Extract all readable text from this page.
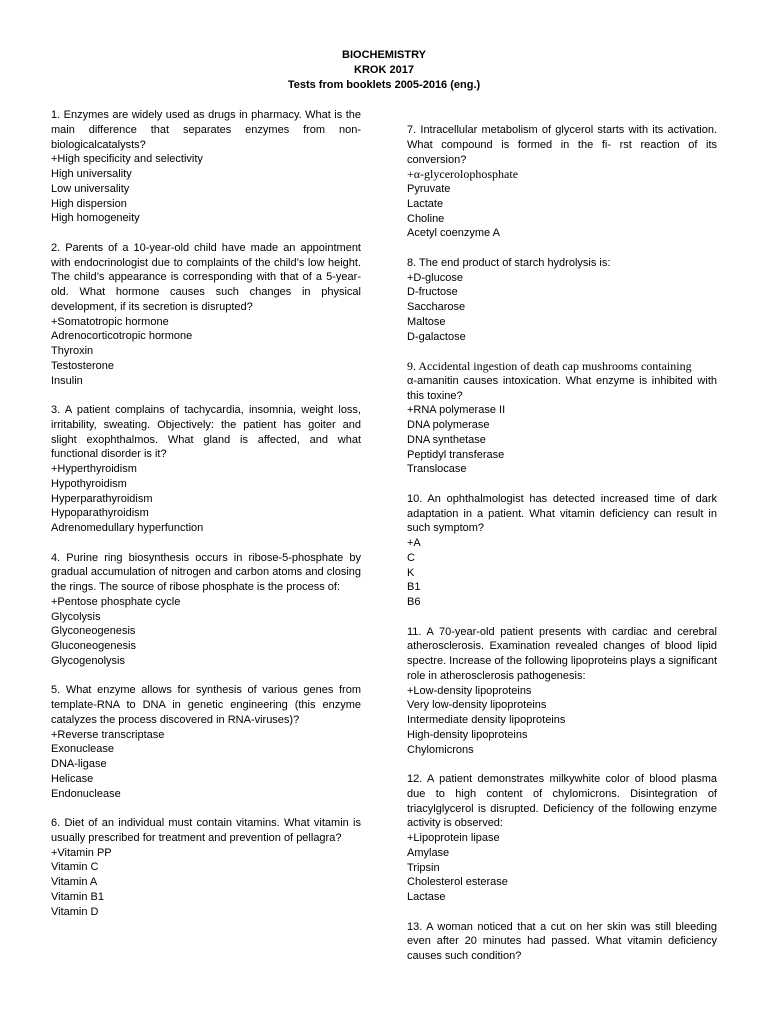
BIOCHEMISTRY
KROK 2017
Tests from booklets 2005-2016 (eng.)
1. Enzymes are widely used as drugs in pharmacy. What is the main difference that separates enzymes from non-biologicalcatalysts?
+High specificity and selectivity
High universality
Low universality
High dispersion
High homogeneity
2. Parents of a 10-year-old child have made an appointment with endocrinologist due to complaints of the child’s low height. The child’s appearance is corresponding with that of a 5-year-old. What hormone causes such changes in physical development, if its secretion is disrupted?
+Somatotropic hormone
Adrenocorticotropic hormone
Thyroxin
Testosterone
Insulin
3. A patient complains of tachycardia, insomnia, weight loss, irritability, sweating. Objectively: the patient has goiter and slight exophthalmos. What gland is affected, and what functional disorder is it?
+Hyperthyroidism
Hypothyroidism
Hyperparathyroidism
Hypoparathyroidism
Adrenomedullary hyperfunction
4. Purine ring biosynthesis occurs in ribose-5-phosphate by gradual accumulation of nitrogen and carbon atoms and closing the rings. The source of ribose phosphate is the process of:
+Pentose phosphate cycle
Glycolysis
Glyconeogenesis
Gluconeogenesis
Glycogenolysis
5. What enzyme allows for synthesis of various genes from template-RNA to DNA in genetic engineering (this enzyme catalyzes the process discovered in RNA-viruses)?
+Reverse transcriptase
Exonuclease
DNA-ligase
Helicase
Endonuclease
6. Diet of an individual must contain vitamins. What vitamin is usually prescribed for treatment and prevention of pellagra?
+Vitamin PP
Vitamin C
Vitamin A
Vitamin B1
Vitamin D
7. Intracellular metabolism of glycerol starts with its activation. What compound is formed in the fi- rst reaction of its conversion?
+α-glycerolophosphate
Pyruvate
Lactate
Choline
Acetyl coenzyme A
8. The end product of starch hydrolysis is:
+D-glucose
D-fructose
Saccharose
Maltose
D-galactose
9. Accidental ingestion of death cap mushrooms containing
α-amanitin causes intoxication. What enzyme is inhibited with this toxine?
+RNA polymerase II
DNA polymerase
DNA synthetase
Peptidyl transferase
Translocase
10. An ophthalmologist has detected increased time of dark adaptation in a patient. What vitamin deficiency can result in such symptom?
+A
C
K
B1
B6
11. A 70-year-old patient presents with cardiac and cerebral atherosclerosis. Examination revealed changes of blood lipid spectre. Increase of the following lipoproteins plays a significant role in atherosclerosis pathogenesis:
+Low-density lipoproteins
Very low-density lipoproteins
Intermediate density lipoproteins
High-density lipoproteins
Chylomicrons
12. A patient demonstrates milkywhite color of blood plasma due to high content of chylomicrons. Disintegration of triacylglycerol is disrupted. Deficiency of the following enzyme activity is observed:
+Lipoprotein lipase
Amylase
Tripsin
Cholesterol esterase
Lactase
13. A woman noticed that a cut on her skin was still bleeding even after 20 minutes had passed. What vitamin deficiency causes such condition?
